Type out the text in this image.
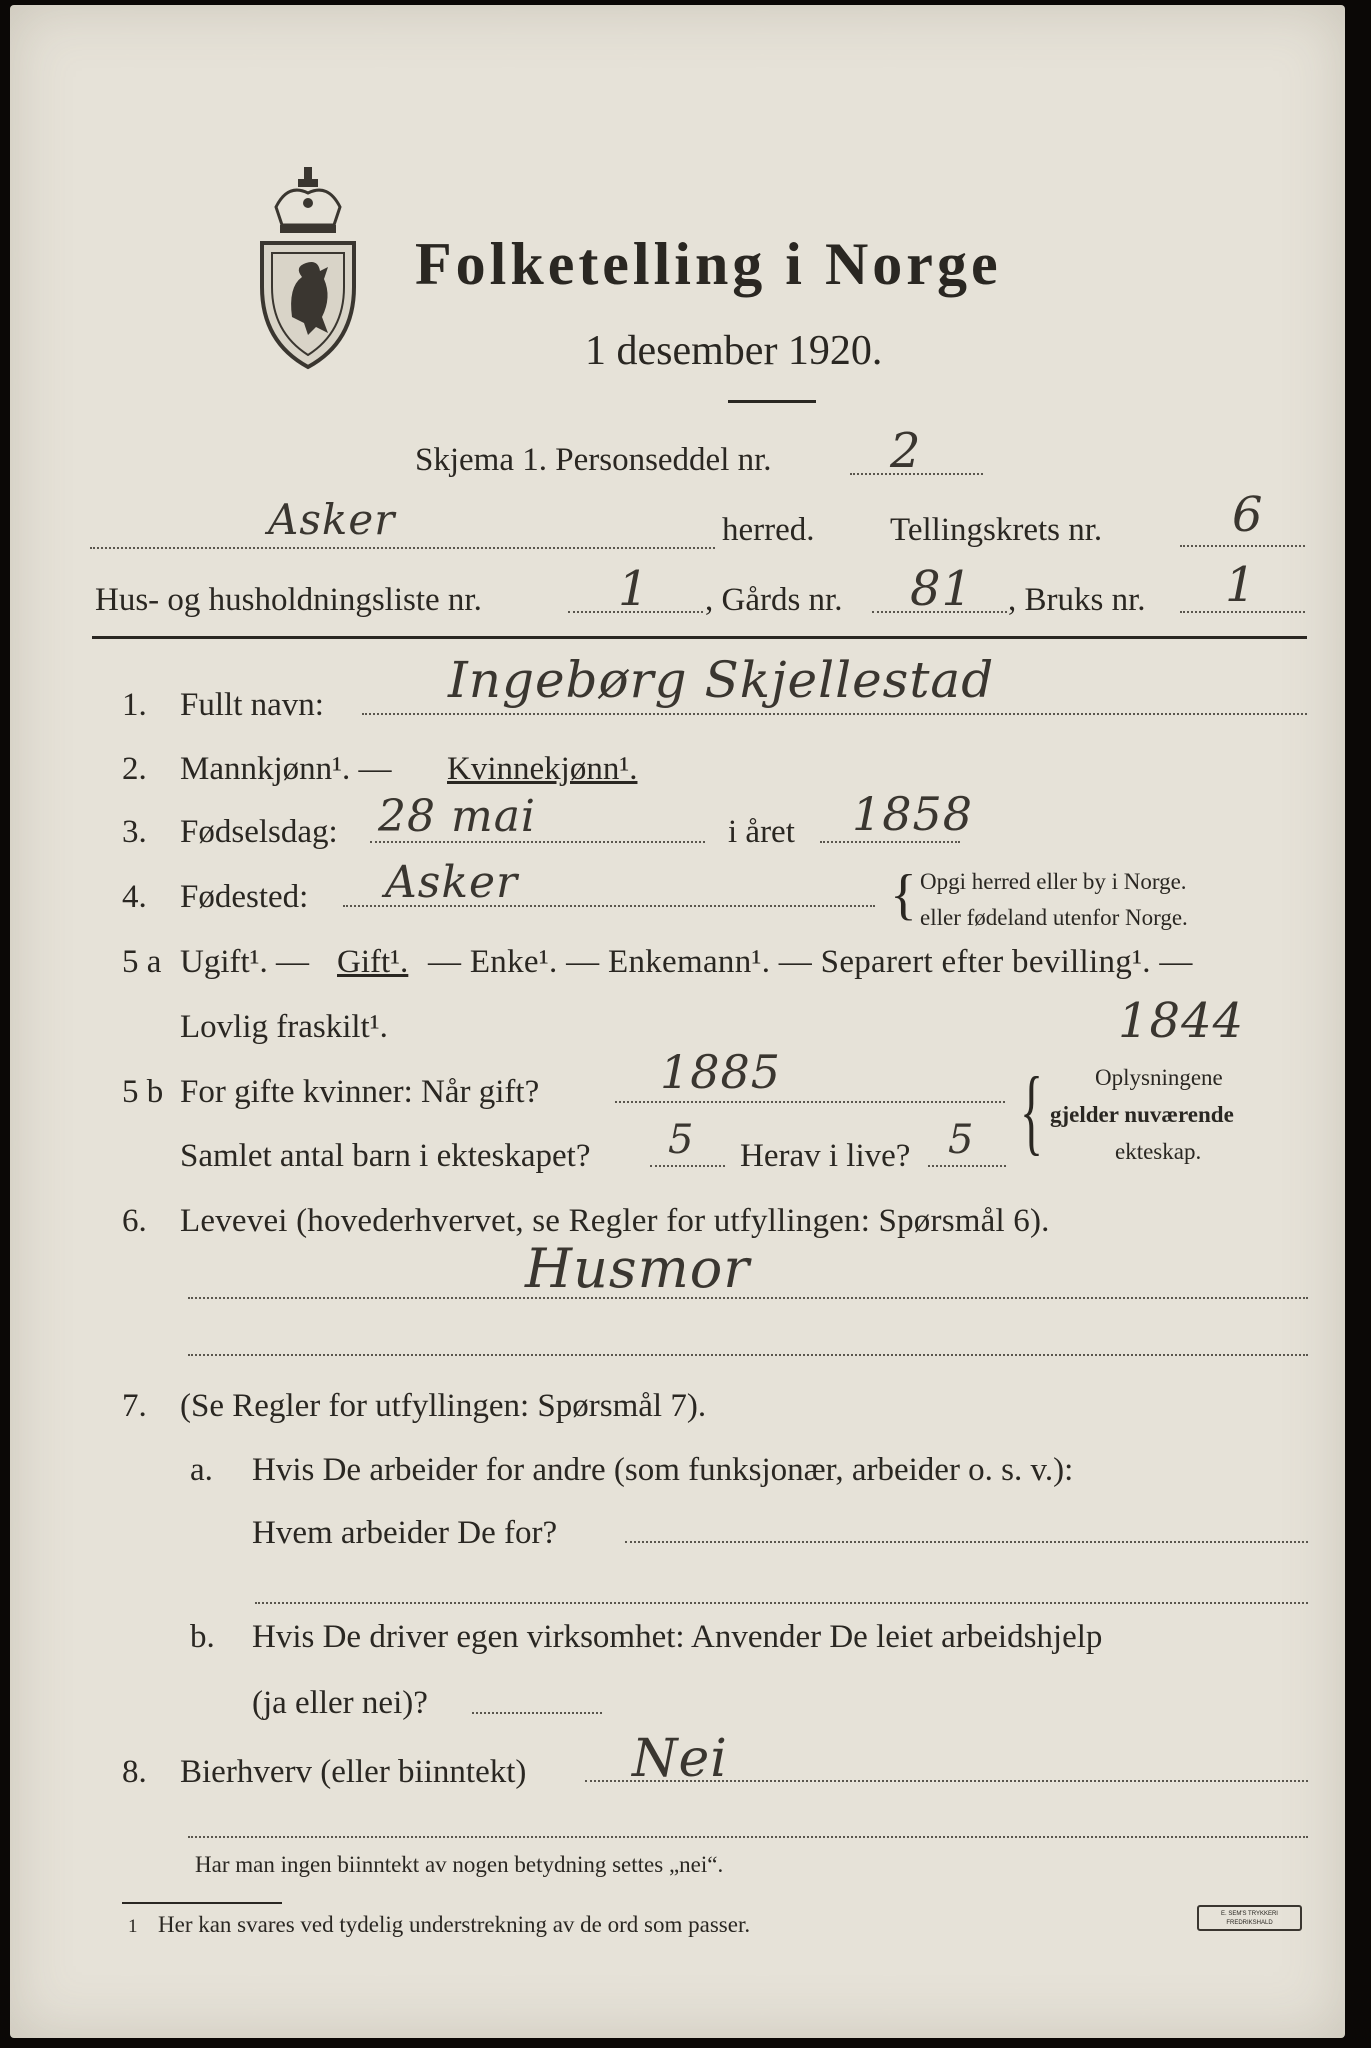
Folketelling i Norge
1 desember 1920.
Skjema 1. Personseddel nr. 2
Asker	herred. Tellingskrets nr.	6
Hus- og husholdningsliste nr.	1 , Gårds nr. 81 , Bruks nr. 1
1. Fullt navn: Ingebørg Skjellestad
2. Mannkjønn¹. — Kvinnekjønn¹.
3. Fødselsdag: 28 mai	i året 1858
4. Fødested: Asker	{ Opgi herred eller by i Norge.
eller fødeland utenfor Norge.
5 a Ugift¹. — Gift¹. — Enke¹. — Enkemann¹. — Separert efter bevilling¹. —
Lovlig fraskilt¹.	1844
5 b For gifte kvinner: Når gift?	1885
Samlet antal barn i ekteskapet? 5 Herav i live? 5 { Oplysningene
gjelder nuværende
ekteskap.
6. Levevei (hovederhvervet, se Regler for utfyllingen: Spørsmål 6).
Husmor
7. (Se Regler for utfyllingen: Spørsmål 7).
a. Hvis De arbeider for andre (som funksjonær, arbeider o. s. v.):
Hvem arbeider De for?
b. Hvis De driver egen virksomhet: Anvender De leiet arbeidshjelp
(ja eller nei)?
8. Bierhverv (eller biinntekt) Nei
Har man ingen biinntekt av nogen betydning settes „nei“.
1 Her kan svares ved tydelig understrekning av de ord som passer.	E. SEM'S TRYKKERI FREDRIKSHALD
